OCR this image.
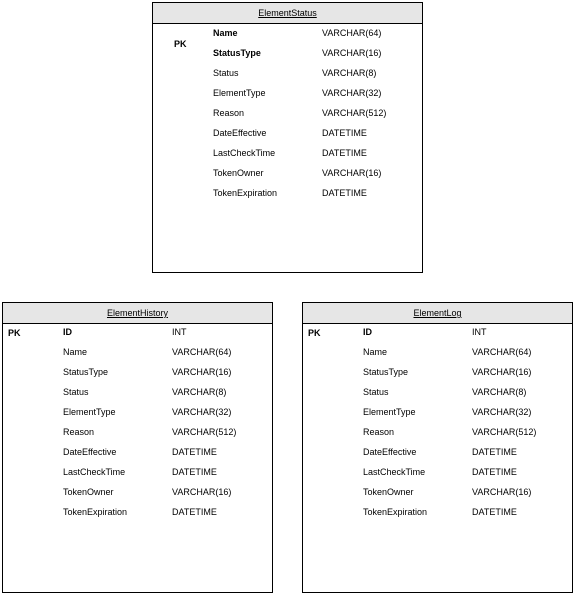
ElementStatus
PK
Name	VARCHAR(64)
StatusType	VARCHAR(16)
Status	VARCHAR(8)
ElementType	VARCHAR(32)
Reason	VARCHAR(512)
DateEffective	DATETIME
LastCheckTime	DATETIME
TokenOwner	VARCHAR(16)
TokenExpiration	DATETIME
ElementHistory
PK	ID	INT
Name	VARCHAR(64)
StatusType	VARCHAR(16)
Status	VARCHAR(8)
ElementType	VARCHAR(32)
Reason	VARCHAR(512)
DateEffective	DATETIME
LastCheckTime	DATETIME
TokenOwner	VARCHAR(16)
TokenExpiration	DATETIME
ElementLog
PK	ID	INT
Name	VARCHAR(64)
StatusType	VARCHAR(16)
Status	VARCHAR(8)
ElementType	VARCHAR(32)
Reason	VARCHAR(512)
DateEffective	DATETIME
LastCheckTime	DATETIME
TokenOwner	VARCHAR(16)
TokenExpiration	DATETIME
